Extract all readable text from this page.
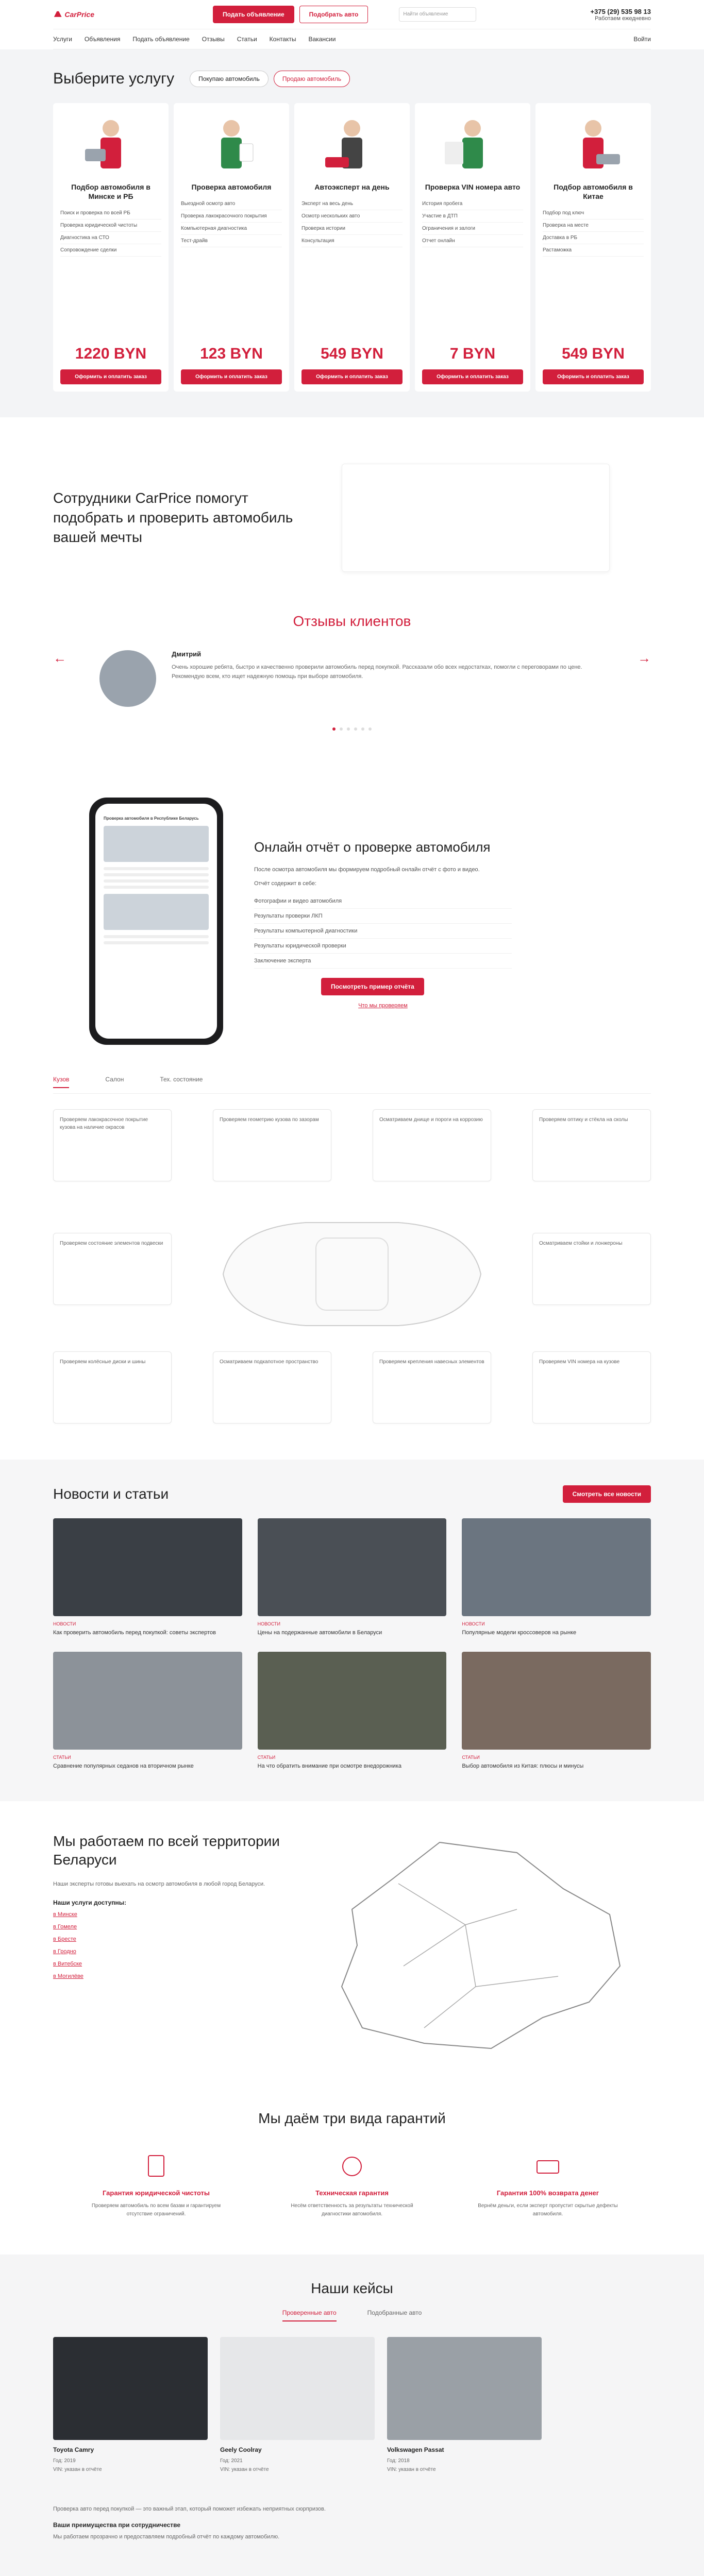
CarPrice	Подать объявление	Подобрать авто	Найти объявление	+375 (29) 535 98 13
Работаем ежедневно
Услуги Объявления Подать объявление Отзывы Статьи Контакты Вакансии	Войти
Выберите услугу	Покупаю автомобиль	Продаю автомобиль
Подбор автомобиля в Минске и РБ
Поиск и проверка по всей РБ
Проверка юридической чистоты
Диагностика на СТО
Сопровождение сделки
1220 BYN
Оформить и оплатить заказ
Проверка автомобиля
Выездной осмотр авто
Проверка лакокрасочного покрытия
Компьютерная диагностика
Тест-драйв
123 BYN
Оформить и оплатить заказ
Автоэксперт на день
Эксперт на весь день
Осмотр нескольких авто
Проверка истории
Консультация
549 BYN
Оформить и оплатить заказ
Проверка VIN номера авто
История пробега
Участие в ДТП
Ограничения и залоги
Отчет онлайн
7 BYN
Оформить и оплатить заказ
Подбор автомобиля в Китае
Подбор под ключ
Проверка на месте
Доставка в РБ
Растаможка
549 BYN
Оформить и оплатить заказ
Сотрудники CarPrice помогут подобрать и проверить автомобиль вашей мечты
Отзывы клиентов
←	→
Дмитрий

Очень хорошие ребята, быстро и качественно проверили автомобиль перед покупкой. Рассказали обо всех недостатках, помогли с переговорами по цене. Рекомендую всем, кто ищет надежную помощь при выборе автомобиля.

Проверка автомобиля в Республике Беларусь
Онлайн отчёт о проверке автомобиля

После осмотра автомобиля мы формируем подробный онлайн отчёт с фото и видео.

Отчёт содержит в себе:

Фотографии и видео автомобиля
Результаты проверки ЛКП
Результаты компьютерной диагностики
Результаты юридической проверки
Заключение эксперта
Посмотреть пример отчёта
Что мы проверяем
Кузов	Салон	Тех. состояние
Проверяем лакокрасочное покрытие кузова на наличие окрасов
Проверяем геометрию кузова по зазорам	Осматриваем днище и пороги на коррозию	Проверяем оптику и стёкла на сколы
Проверяем состояние элементов подвески	Осматриваем стойки и лонжероны
Проверяем колёсные диски и шины	Осматриваем подкапотное пространство	Проверяем крепления навесных элементов	Проверяем VIN номера на кузове
Новости и статьи	Смотреть все новости
НОВОСТИ

Как проверить автомобиль перед покупкой: советы экспертов

НОВОСТИ

Цены на подержанные автомобили в Беларуси

НОВОСТИ

Популярные модели кроссоверов на рынке

СТАТЬИ

Сравнение популярных седанов на вторичном рынке

СТАТЬИ

На что обратить внимание при осмотре внедорожника

СТАТЬИ

Выбор автомобиля из Китая: плюсы и минусы

Мы работаем по всей территории Беларуси

Наши эксперты готовы выехать на осмотр автомобиля в любой город Беларуси.

Наши услуги доступны:
в Минске
в Гомеле
в Бресте
в Гродно
в Витебске
в Могилёве
Мы даём три вида гарантий
Гарантия юридической чистоты

Проверяем автомобиль по всем базам и гарантируем отсутствие ограничений.

Техническая гарантия

Несём ответственность за результаты технической диагностики автомобиля.

Гарантия 100% возврата денег

Вернём деньги, если эксперт пропустит скрытые дефекты автомобиля.

Наши кейсы
Проверенные авто	Подобранные авто
Toyota Camry
Год: 2019
VIN: указан в отчёте
Geely Coolray
Год: 2021
VIN: указан в отчёте
Volkswagen Passat
Год: 2018
VIN: указан в отчёте

Проверка авто перед покупкой — это важный этап, который поможет избежать неприятных сюрпризов.

Ваши преимущества при сотрудничестве

Мы работаем прозрачно и предоставляем подробный отчёт по каждому автомобилю.
